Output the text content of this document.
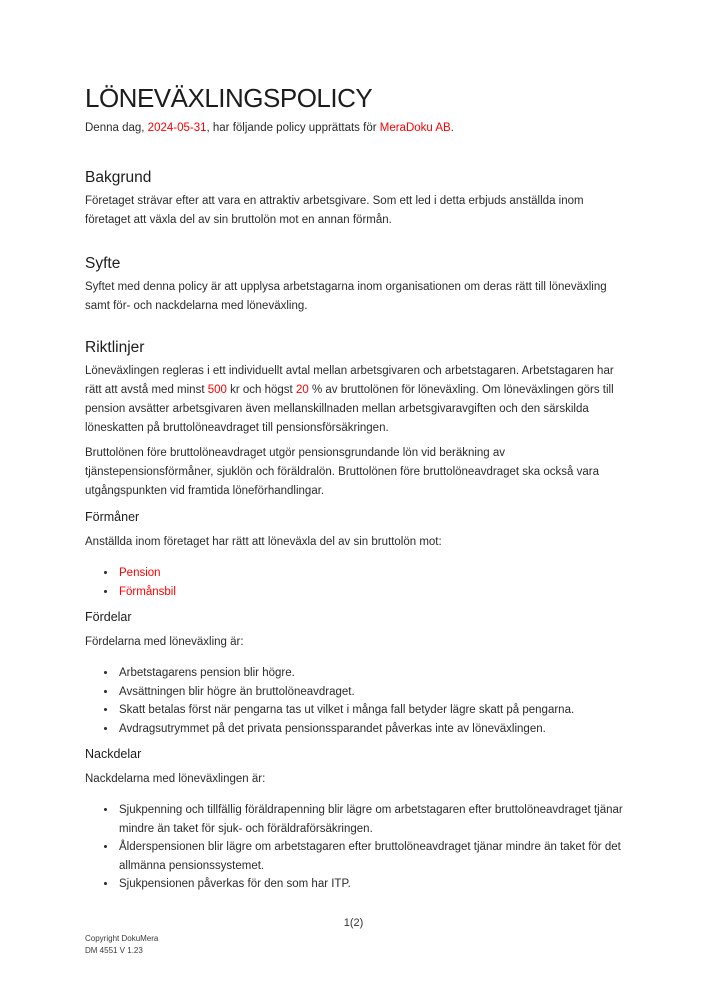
LÖNEVÄXLINGSPOLICY

Denna dag, 2024-05-31, har följande policy upprättats för MeraDoku AB.

Bakgrund

Företaget strävar efter att vara en attraktiv arbetsgivare. Som ett led i detta erbjuds anställda inom företaget att växla del av sin bruttolön mot en annan förmån.

Syfte

Syftet med denna policy är att upplysa arbetstagarna inom organisationen om deras rätt till löneväxling samt för- och nackdelarna med löneväxling.

Riktlinjer

Löneväxlingen regleras i ett individuellt avtal mellan arbetsgivaren och arbetstagaren. Arbetstagaren har rätt att avstå med minst 500 kr och högst 20 % av bruttolönen för löneväxling. Om löneväxlingen görs till pension avsätter arbetsgivaren även mellanskillnaden mellan arbetsgivaravgiften och den särskilda löneskatten på bruttolöneavdraget till pensionsförsäkringen.

Bruttolönen före bruttolöneavdraget utgör pensionsgrundande lön vid beräkning av tjänstepensionsförmåner, sjuklön och föräldralön. Bruttolönen före bruttolöneavdraget ska också vara utgångspunkten vid framtida löneförhandlingar.

Förmåner

Anställda inom företaget har rätt att löneväxla del av sin bruttolön mot:

• Pension
• Förmånsbil
Fördelar

Fördelarna med löneväxling är:

• Arbetstagarens pension blir högre.
• Avsättningen blir högre än bruttolöneavdraget.
• Skatt betalas först när pengarna tas ut vilket i många fall betyder lägre skatt på pengarna.
• Avdragsutrymmet på det privata pensionssparandet påverkas inte av löneväxlingen.
Nackdelar

Nackdelarna med löneväxlingen är:

• Sjukpenning och tillfällig föräldrapenning blir lägre om arbetstagaren efter bruttolöneavdraget tjänar mindre än taket för sjuk- och föräldraförsäkringen.
• Ålderspensionen blir lägre om arbetstagaren efter bruttolöneavdraget tjänar mindre än taket för det allmänna pensionssystemet.
• Sjukpensionen påverkas för den som har ITP.
1(2)
Copyright DokuMera
DM 4551 V 1.23
